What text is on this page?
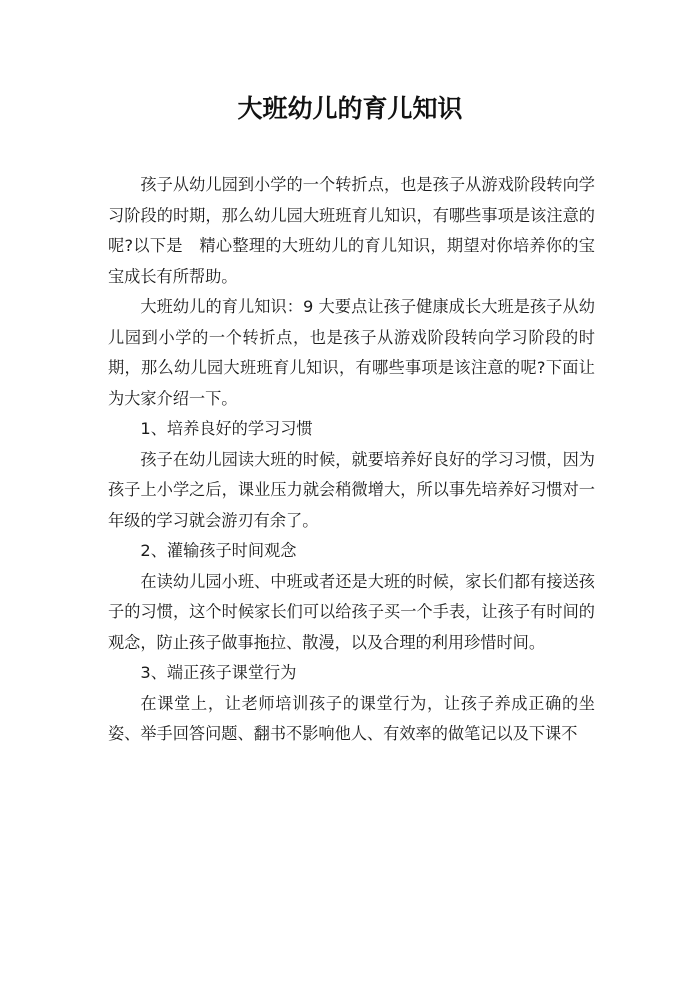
大班幼儿的育儿知识

孩子从幼儿园到小学的一个转折点，也是孩子从游戏阶段转向学习阶段的时期，那么幼儿园大班班育儿知识，有哪些事项是该注意的呢?以下是　精心整理的大班幼儿的育儿知识，期望对你培养你的宝宝成长有所帮助。

大班幼儿的育儿知识：9 大要点让孩子健康成长大班是孩子从幼儿园到小学的一个转折点，也是孩子从游戏阶段转向学习阶段的时期，那么幼儿园大班班育儿知识，有哪些事项是该注意的呢?下面让为大家介绍一下。

1、培养良好的学习习惯

孩子在幼儿园读大班的时候，就要培养好良好的学习习惯，因为孩子上小学之后，课业压力就会稍微增大，所以事先培养好习惯对一年级的学习就会游刃有余了。

2、灌输孩子时间观念

在读幼儿园小班、中班或者还是大班的时候，家长们都有接送孩子的习惯，这个时候家长们可以给孩子买一个手表，让孩子有时间的观念，防止孩子做事拖拉、散漫，以及合理的利用珍惜时间。

3、端正孩子课堂行为

在课堂上，让老师培训孩子的课堂行为，让孩子养成正确的坐姿、举手回答问题、翻书不影响他人、有效率的做笔记以及下课不
